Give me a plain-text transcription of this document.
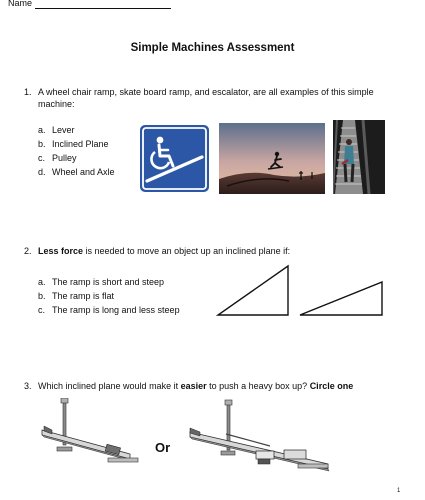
Name
Simple Machines Assessment
1. A wheel chair ramp, skate board ramp, and escalator, are all examples of this simple machine:
a. Lever
b. Inclined Plane
c. Pulley
d. Wheel and Axle
2. Less force is needed to move an object up an inclined plane if:
a. The ramp is short and steep
b. The ramp is flat
c. The ramp is long and less steep
3. Which inclined plane would make it easier to push a heavy box up? Circle one
Or
1
